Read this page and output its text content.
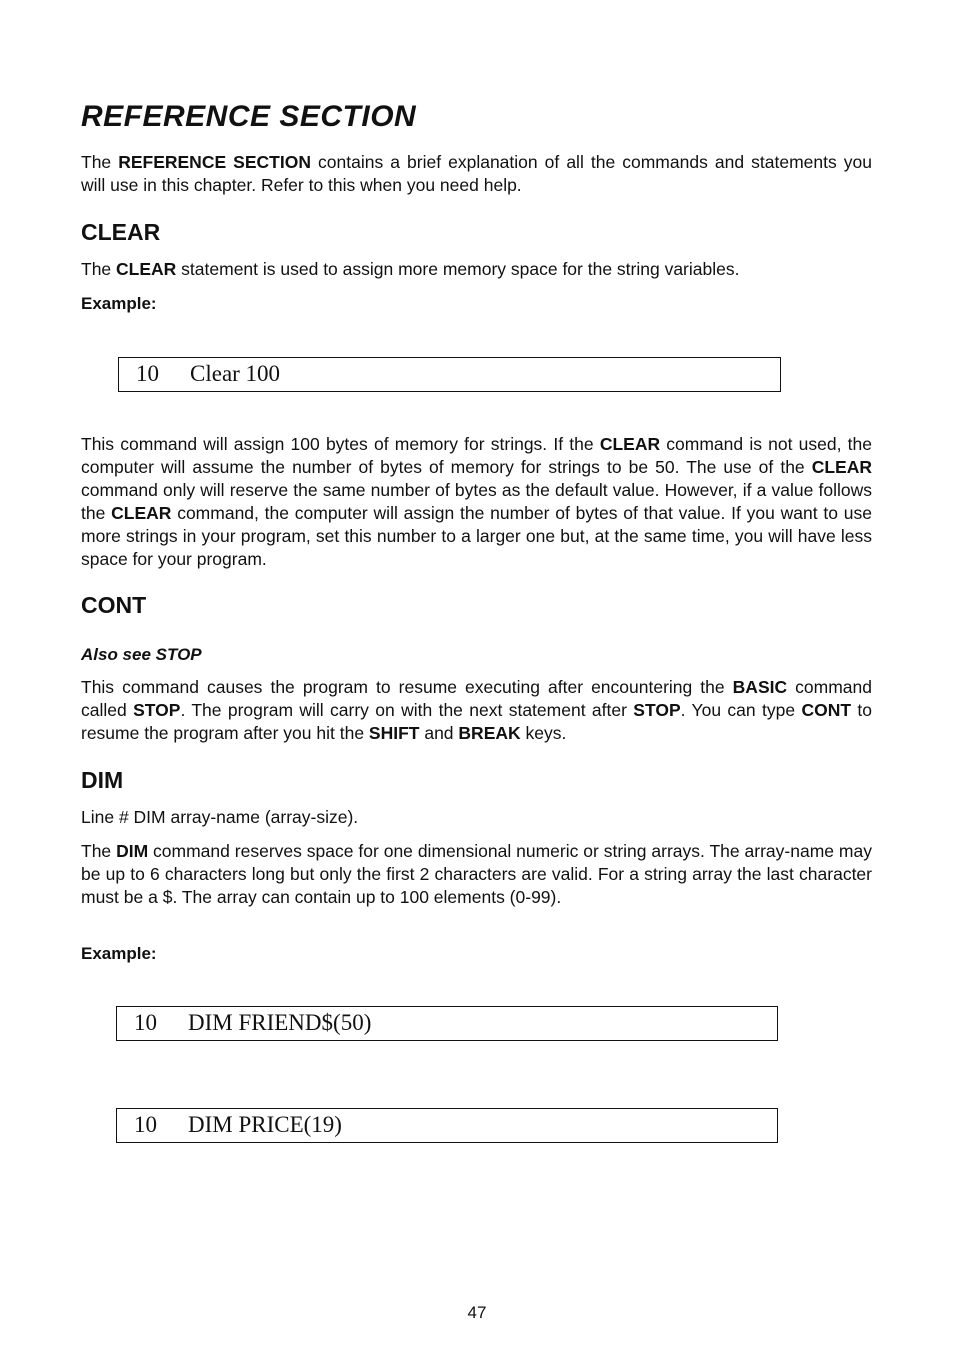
REFERENCE SECTION

The REFERENCE SECTION contains a brief explanation of all the commands and statements you will use in this chapter. Refer to this when you need help.

CLEAR

The CLEAR statement is used to assign more memory space for the string variables.

Example:

This command will assign 100 bytes of memory for strings. If the CLEAR command is not used, the computer will assume the number of bytes of memory for strings to be 50. The use of the CLEAR command only will reserve the same number of bytes as the default value. However, if a value follows the CLEAR command, the computer will assign the number of bytes of that value. If you want to use more strings in your program, set this number to a larger one but, at the same time, you will have less space for your program.

CONT
Also see STOP

This command causes the program to resume executing after encountering the BASIC command called STOP. The program will carry on with the next statement after STOP. You can type CONT to resume the program after you hit the SHIFT and BREAK keys.

DIM

Line # DIM array-name (array-size).

The DIM command reserves space for one dimensional numeric or string arrays. The array-name may be up to 6 characters long but only the first 2 characters are valid. For a string array the last character must be a $. The array can contain up to 100 elements (0-99).

Example:
10 Clear 100
10 DIM FRIEND$(50)
10 DIM PRICE(19)
47
